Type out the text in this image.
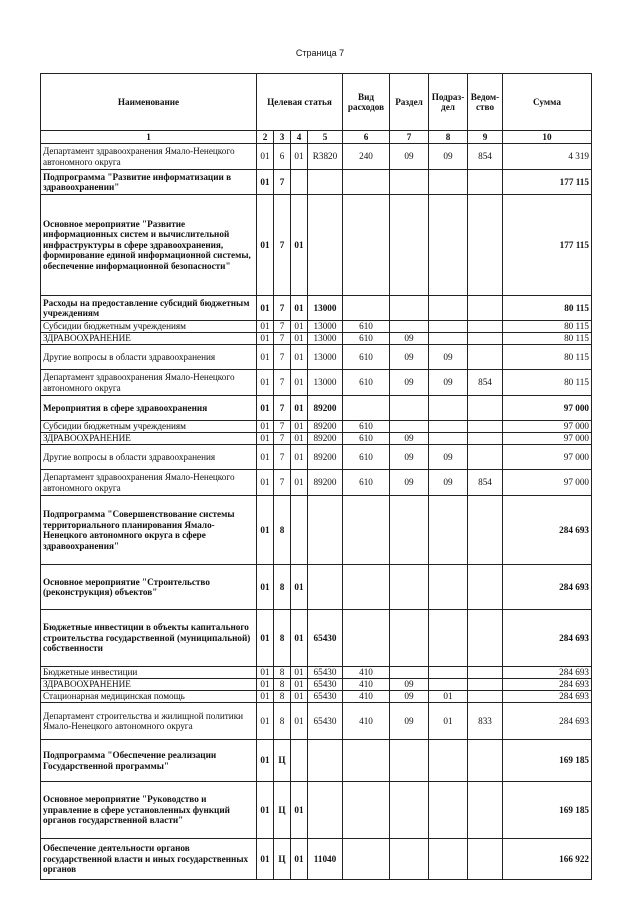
Страница 7
Наименование	Целевая статья				Вид расходов	Раздел	Подраз-дел	Ведом-ство	Сумма
1	2	3	4	5	6	7	8	9	10
Департамент здравоохранения Ямало-Ненецкого автономного округа	01	6	01	R3820	240	09	09	854	4 319
Подпрограмма "Развитие информатизации в здравоохранении"	01	7							177 115
Основное мероприятие "Развитие информационных систем и вычислительной инфраструктуры в сфере здравоохранения, формирование единой информационной системы, обеспечение информационной безопасности"	01	7	01						177 115
Расходы на предоставление субсидий бюджетным учреждениям	01	7	01	13000					80 115
Субсидии бюджетным учреждениям	01	7	01	13000	610				80 115
ЗДРАВООХРАНЕНИЕ	01	7	01	13000	610	09			80 115
Другие вопросы в области здравоохранения	01	7	01	13000	610	09	09		80 115
Департамент здравоохранения Ямало-Ненецкого автономного округа	01	7	01	13000	610	09	09	854	80 115
Мероприятия в сфере здравоохранения	01	7	01	89200					97 000
Субсидии бюджетным учреждениям	01	7	01	89200	610				97 000
ЗДРАВООХРАНЕНИЕ	01	7	01	89200	610	09			97 000
Другие вопросы в области здравоохранения	01	7	01	89200	610	09	09		97 000
Департамент здравоохранения Ямало-Ненецкого автономного округа	01	7	01	89200	610	09	09	854	97 000
Подпрограмма "Совершенствование системы территориального планирования Ямало-Ненецкого автономного округа в сфере здравоохранения"	01	8							284 693
Основное мероприятие "Строительство (реконструкция) объектов"	01	8	01						284 693
Бюджетные инвестиции в объекты капитального строительства государственной (муниципальной) собственности	01	8	01	65430					284 693
Бюджетные инвестиции	01	8	01	65430	410				284 693
ЗДРАВООХРАНЕНИЕ	01	8	01	65430	410	09			284 693
Стационарная медицинская помощь	01	8	01	65430	410	09	01		284 693
Департамент строительства и жилищной политики Ямало-Ненецкого автономного округа	01	8	01	65430	410	09	01	833	284 693
Подпрограмма "Обеспечение реализации Государственной программы"	01	Ц							169 185
Основное мероприятие "Руководство и управление в сфере установленных функций органов государственной власти"	01	Ц	01						169 185
Обеспечение деятельности органов государственной власти и иных государственных органов	01	Ц	01	11040					166 922
